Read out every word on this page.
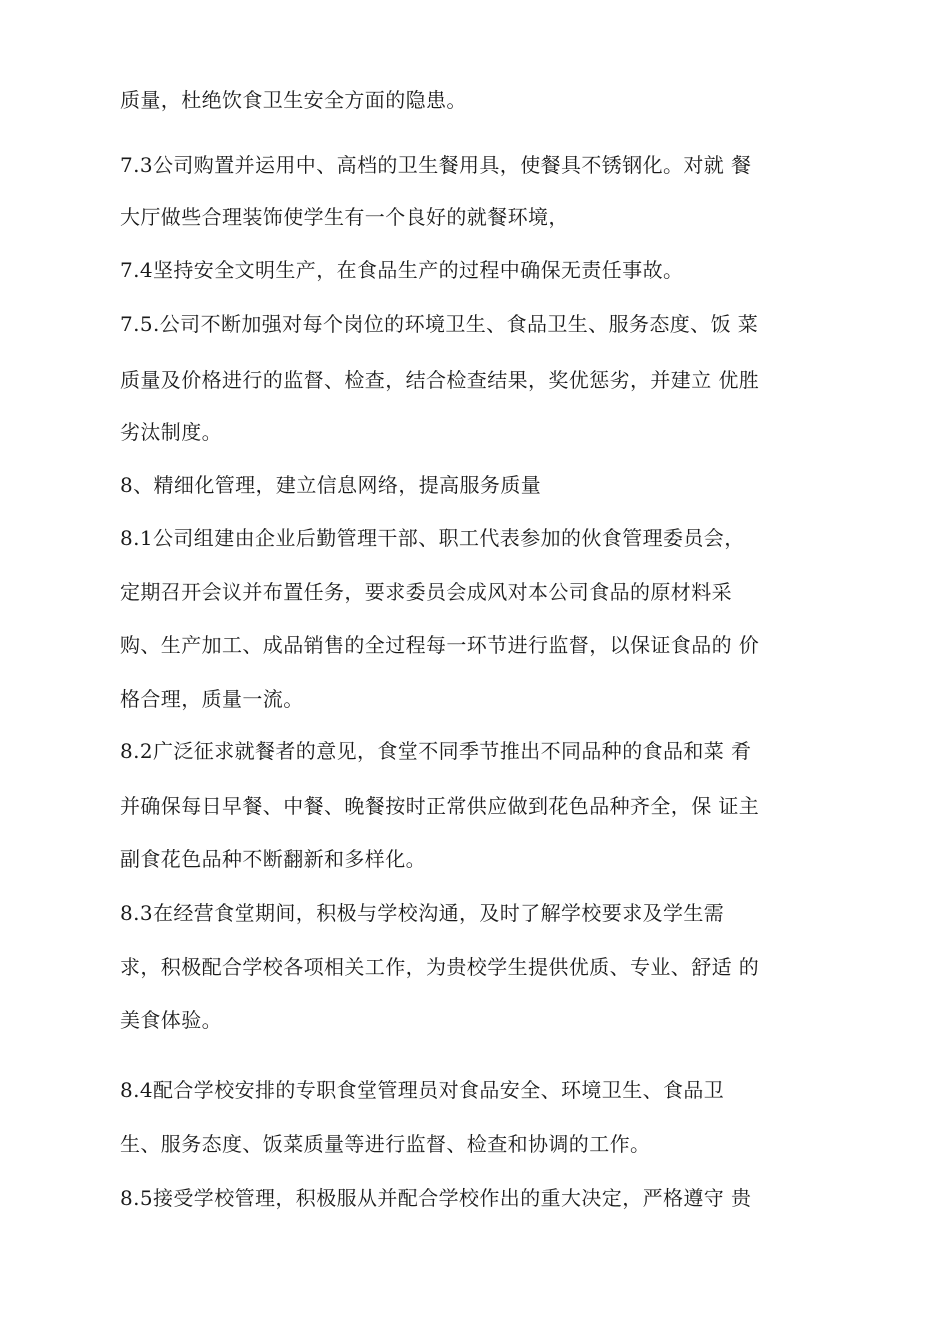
质量，杜绝饮食卫生安全方面的隐患。
7.3公司购置并运用中、高档的卫生餐用具，使餐具不锈钢化。对就 餐
大厅做些合理装饰使学生有一个良好的就餐环境，
7.4坚持安全文明生产，在食品生产的过程中确保无责任事故。
7.5.公司不断加强对每个岗位的环境卫生、食品卫生、服务态度、饭 菜
质量及价格进行的监督、检查，结合检查结果，奖优惩劣，并建立 优胜
劣汰制度。
8、精细化管理，建立信息网络，提高服务质量
8.1公司组建由企业后勤管理干部、职工代表参加的伙食管理委员会，
定期召开会议并布置任务，要求委员会成风对本公司食品的原材料采
购、生产加工、成品销售的全过程每一环节进行监督，以保证食品的 价
格合理，质量一流。
8.2广泛征求就餐者的意见，食堂不同季节推出不同品种的食品和菜 肴
并确保每日早餐、中餐、晚餐按时正常供应做到花色品种齐全，保 证主
副食花色品种不断翻新和多样化。
8.3在经营食堂期间，积极与学校沟通，及时了解学校要求及学生需
求，积极配合学校各项相关工作，为贵校学生提供优质、专业、舒适 的
美食体验。
8.4配合学校安排的专职食堂管理员对食品安全、环境卫生、食品卫
生、服务态度、饭菜质量等进行监督、检查和协调的工作。
8.5接受学校管理，积极服从并配合学校作出的重大决定，严格遵守 贵
